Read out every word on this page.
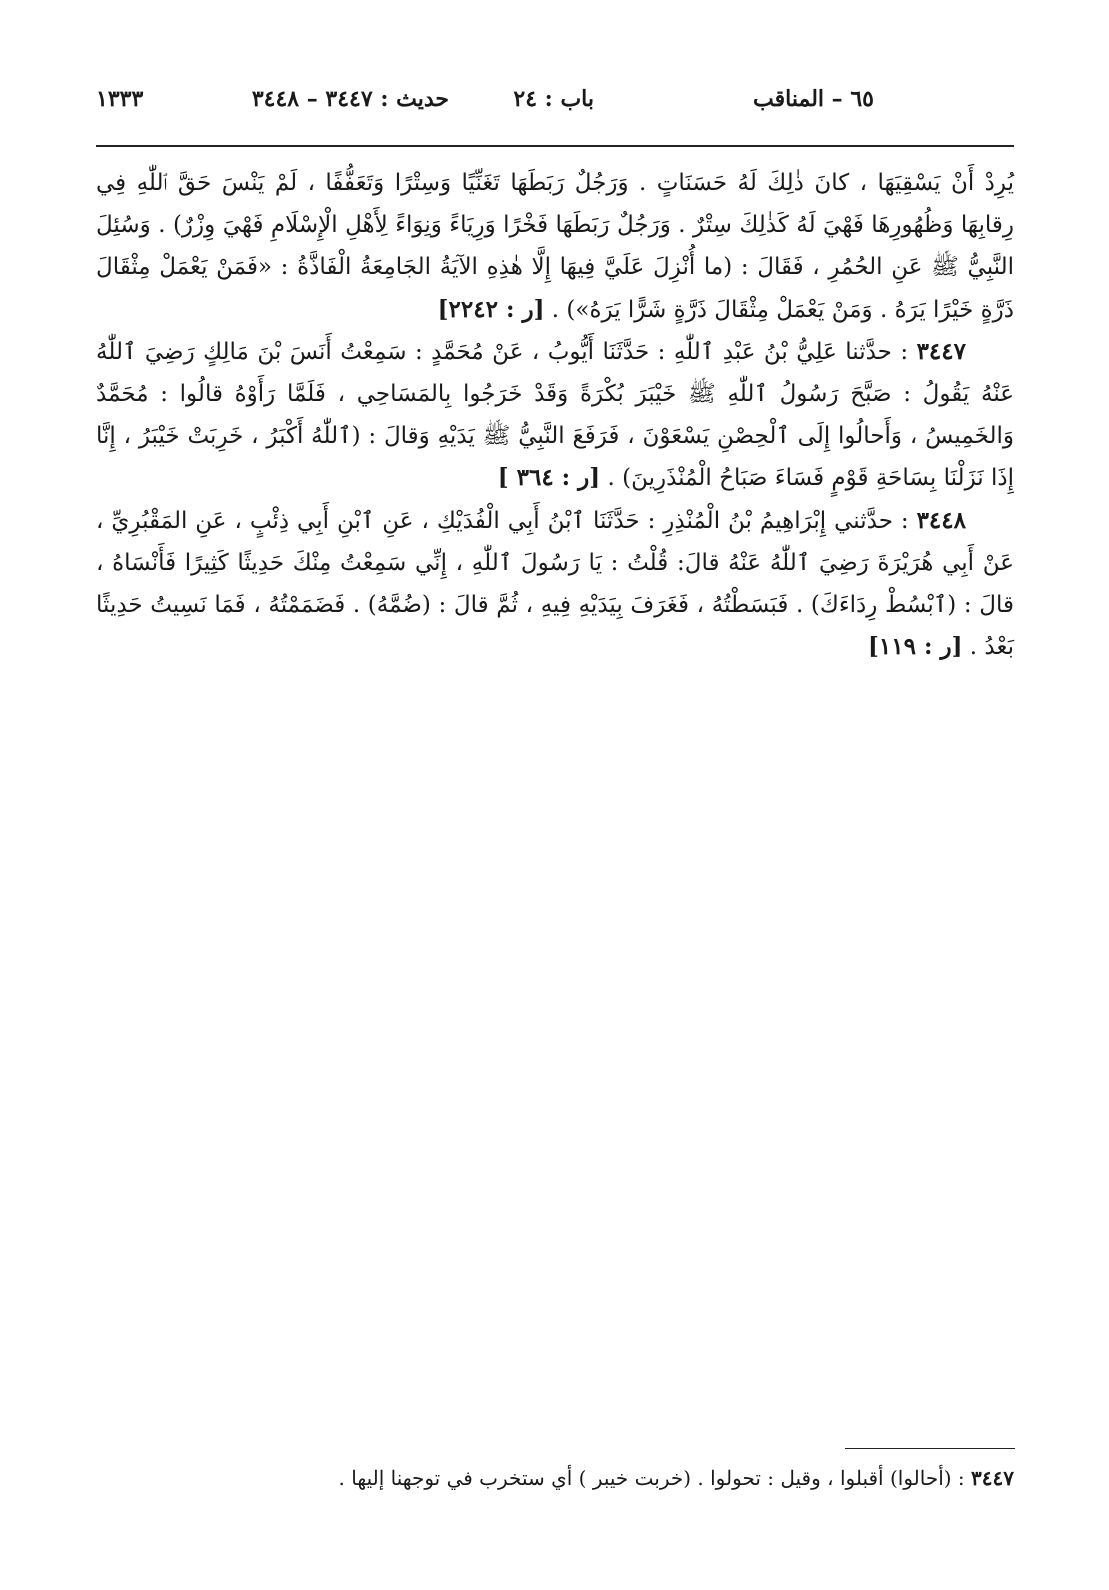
٦٥ – المناقب
باب : ٢٤
حديث : ٣٤٤٧ – ٣٤٤٨
١٣٣٣

يُرِدْ أَنْ يَسْقِيَهَا ، كانَ ذٰلِكَ لَهُ حَسَنَاتٍ . وَرَجُلٌ رَبَطَهَا تَغَنِّيًا وَسِتْرًا وَتَعَفُّفًا ، لَمْ يَنْسَ حَقَّ ٱللّٰهِ فِي رِقابِهَا وَظُهُورِهَا فَهْيَ لَهُ كَذٰلِكَ سِتْرٌ . وَرَجُلٌ رَبَطَهَا فَخْرًا وَرِيَاءً وَنِوَاءً لِأَهْلِ الْإِسْلَامِ فَهْيَ وِزْرٌ) . وَسُئِلَ النَّبِيُّ ﷺ عَنِ الحُمُرِ ، فَقَالَ : (ما أُنْزِلَ عَلَيَّ فِيهَا إِلَّا هٰذِهِ الآيَةُ الجَامِعَةُ الْفَاذَّةُ : «فَمَنْ يَعْمَلْ مِثْقَالَ ذَرَّةٍ خَيْرًا يَرَهُ . وَمَنْ يَعْمَلْ مِثْقَالَ ذَرَّةٍ شَرًّا يَرَهُ») . [ر : ٢٢٤٢]

٣٤٤٧ : حدَّثنا عَلِيُّ بْنُ عَبْدِ ٱللّٰهِ : حَدَّثَنَا أَيُّوبُ ، عَنْ مُحَمَّدٍ : سَمِعْتُ أَنَسَ بْنَ مَالِكٍ رَضِيَ ٱللّٰهُ عَنْهُ يَقُولُ : صَبَّحَ رَسُولُ ٱللّٰهِ ﷺ خَيْبَرَ بُكْرَةً وَقَدْ خَرَجُوا بِالمَسَاحِي ، فَلَمَّا رَأَوْهُ قالُوا : مُحَمَّدٌ وَالخَمِيسُ ، وَأَحالُوا إِلَى ٱلْحِصْنِ يَسْعَوْنَ ، فَرَفَعَ النَّبِيُّ ﷺ يَدَيْهِ وَقالَ : (ٱللّٰهُ أَكْبَرُ ، خَرِبَتْ خَيْبَرُ ، إِنَّا إِذَا نَزَلْنَا بِسَاحَةِ قَوْمٍ فَسَاءَ صَبَاحُ الْمُنْذَرِينَ) . [ر : ٣٦٤ ]

٣٤٤٨ : حدَّثني إِبْرَاهِيمُ بْنُ الْمُنْذِرِ : حَدَّثَنَا ٱبْنُ أَبِي الْفُدَيْكِ ، عَنِ ٱبْنِ أَبِي ذِئْبٍ ، عَنِ المَقْبُرِيِّ ، عَنْ أَبِي هُرَيْرَةَ رَضِيَ ٱللّٰهُ عَنْهُ قالَ: قُلْتُ : يَا رَسُولَ ٱللّٰهِ ، إِنِّي سَمِعْتُ مِنْكَ حَدِيثًا كَثِيرًا فَأَنْسَاهُ ، قالَ : (ٱبْسُطْ رِدَاءَكَ) . فَبَسَطْتُهُ ، فَغَرَفَ بِيَدَيْهِ فِيهِ ، ثُمَّ قالَ : (ضُمَّهُ) . فَضَمَمْتُهُ ، فَمَا نَسِيتُ حَدِيثًا بَعْدُ . [ر : ١١٩]

٣٤٤٧ : (أحالوا) أقبلوا ، وقيل : تحولوا . (خربت خيبر ) أي ستخرب في توجهنا إليها .
